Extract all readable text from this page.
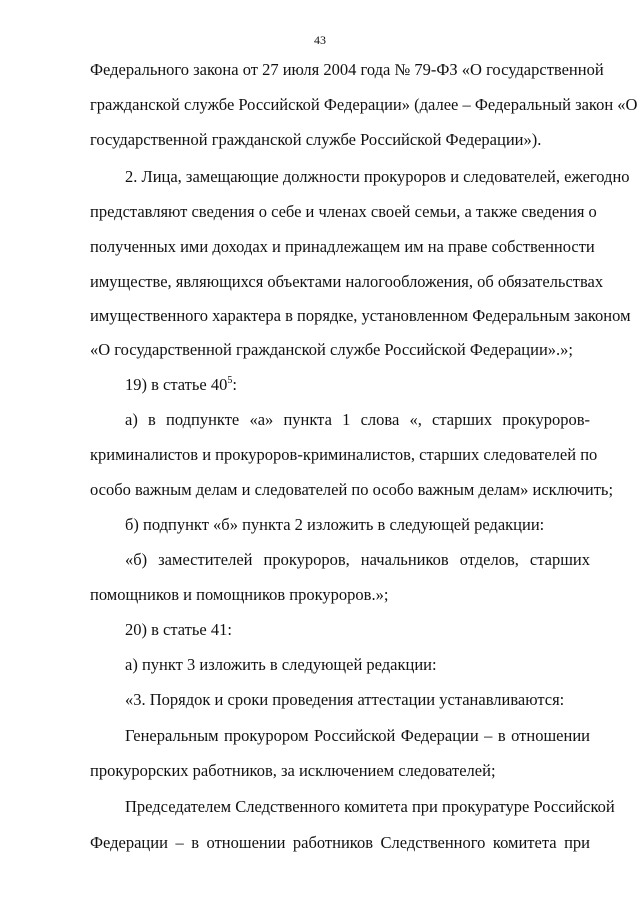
43
Федерального закона от 27 июля 2004 года № 79-ФЗ «О государственной
гражданской службе Российской Федерации» (далее – Федеральный закон «О
государственной гражданской службе Российской Федерации»).
2. Лица, замещающие должности прокуроров и следователей, ежегодно
представляют сведения о себе и членах своей семьи, а также сведения о
полученных ими доходах и принадлежащем им на праве собственности
имуществе, являющихся объектами налогообложения, об обязательствах
имущественного характера в порядке, установленном Федеральным законом
«О государственной гражданской службе Российской Федерации».»;
19) в статье $40^5$:
а) в подпункте «а» пункта 1 слова «, старших прокуроров-
криминалистов и прокуроров-криминалистов, старших следователей по
особо важным делам и следователей по особо важным делам» исключить;
б) подпункт «б» пункта 2 изложить в следующей редакции:
«б) заместителей прокуроров, начальников отделов, старших
помощников и помощников прокуроров.»;
20) в статье 41:
а) пункт 3 изложить в следующей редакции:
«3. Порядок и сроки проведения аттестации устанавливаются:
Генеральным прокурором Российской Федерации – в отношении
прокурорских работников, за исключением следователей;
Председателем Следственного комитета при прокуратуре Российской
Федерации – в отношении работников Следственного комитета при
